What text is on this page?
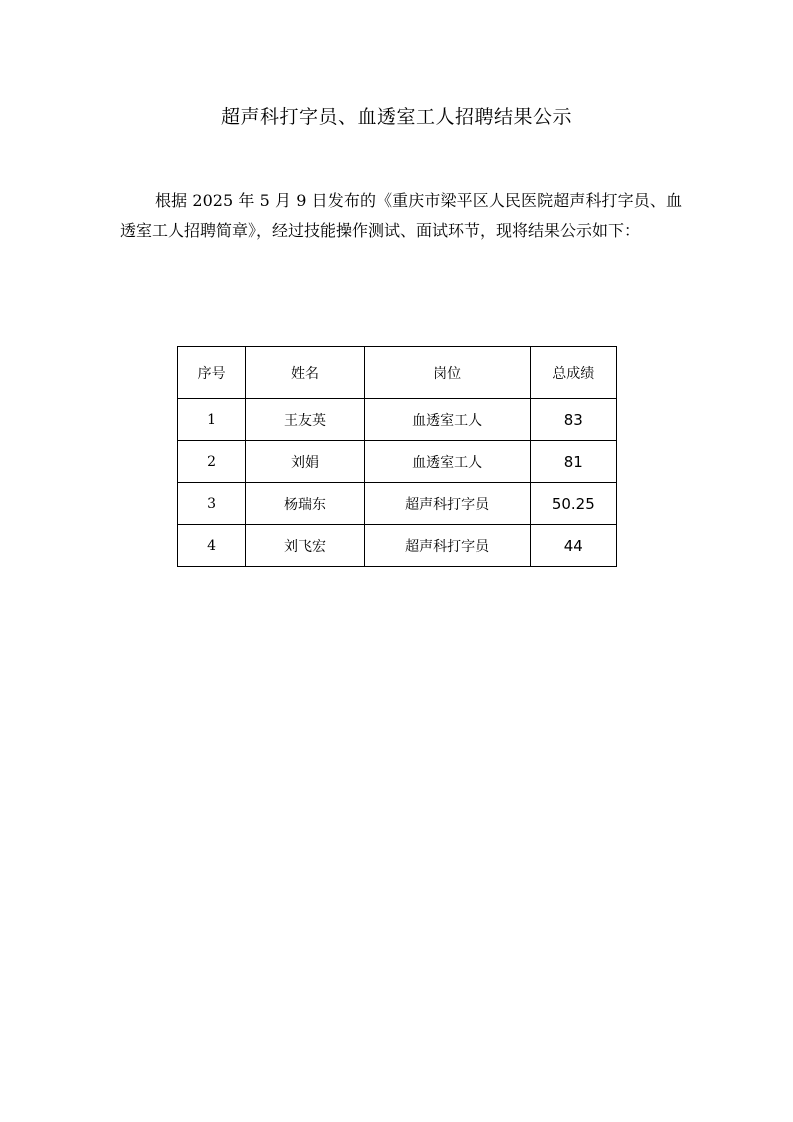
超声科打字员、血透室工人招聘结果公示

根据 2025 年 5 月 9 日发布的《重庆市梁平区人民医院超声科打字员、血透室工人招聘简章》，经过技能操作测试、面试环节，现将结果公示如下：

序号	姓名	岗位	总成绩
1	王友英	血透室工人	83
2	刘娟	血透室工人	81
3	杨瑞东	超声科打字员	50.25
4	刘飞宏	超声科打字员	44
